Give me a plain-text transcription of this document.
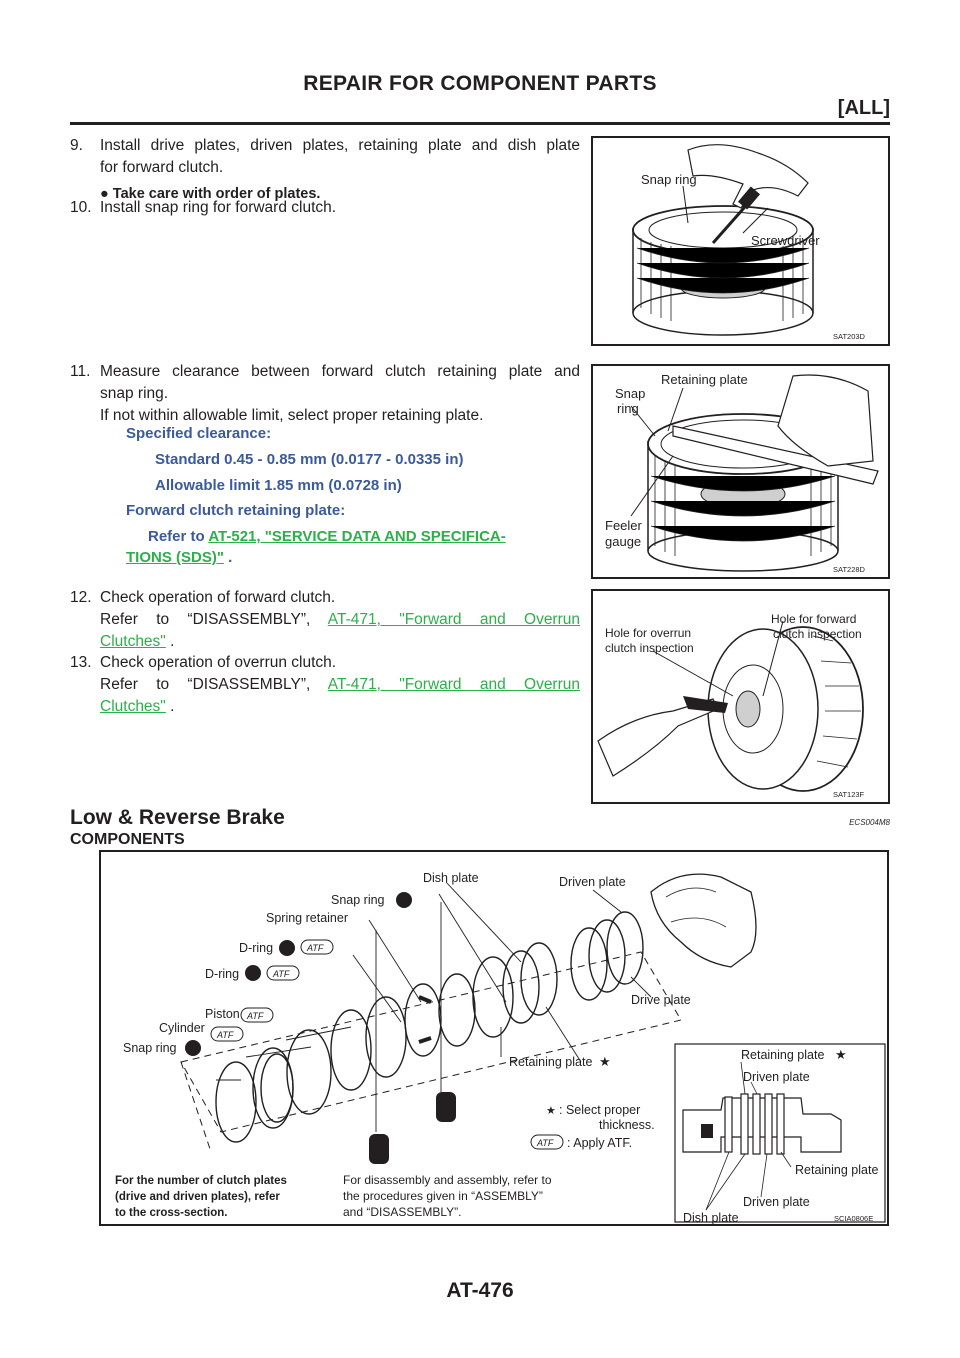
REPAIR FOR COMPONENT PARTS
[ALL]
9. Install drive plates, driven plates, retaining plate and dish plate
for forward clutch.
● Take care with order of plates.
10. Install snap ring for forward clutch.
11. Measure clearance between forward clutch retaining plate and
snap ring.
If not within allowable limit, select proper retaining plate.
Specified clearance:
Standard 0.45 - 0.85 mm (0.0177 - 0.0335 in)
Allowable limit 1.85 mm (0.0728 in)
Forward clutch retaining plate:
Refer to AT-521, "SERVICE DATA AND SPECIFICA-
TIONS (SDS)" .
12. Check operation of forward clutch.
Refer to “DISASSEMBLY”, AT-471, "Forward and Overrun
Clutches" .
13. Check operation of overrun clutch.
Refer to “DISASSEMBLY”, AT-471, "Forward and Overrun
Clutches" .
Snap ring
Screwdriver
SAT203D
Retaining plate
Snap
ring
Feeler
gauge
SAT228D
Hole for overrun
clutch inspection
Hole for forward
clutch inspection
SAT123F
Low & Reverse Brake	ECS004M8
COMPONENTS
ATF
ATF
ATF
ATF
ATF
Dish plate
Snap ring
Driven plate
Spring retainer
D-ring
D-ring
Piston
Cylinder
Snap ring
Drive plate
Retaining plate ★
★ : Select proper
thickness.
: Apply ATF.
For the number of clutch plates
(drive and driven plates), refer
to the cross-section.
For disassembly and assembly, refer to
the procedures given in “ASSEMBLY”
and “DISASSEMBLY”.
Retaining plate
Driven plate
Retaining plate
Driven plate
Dish plate
★
SCIA0806E
AT-476
